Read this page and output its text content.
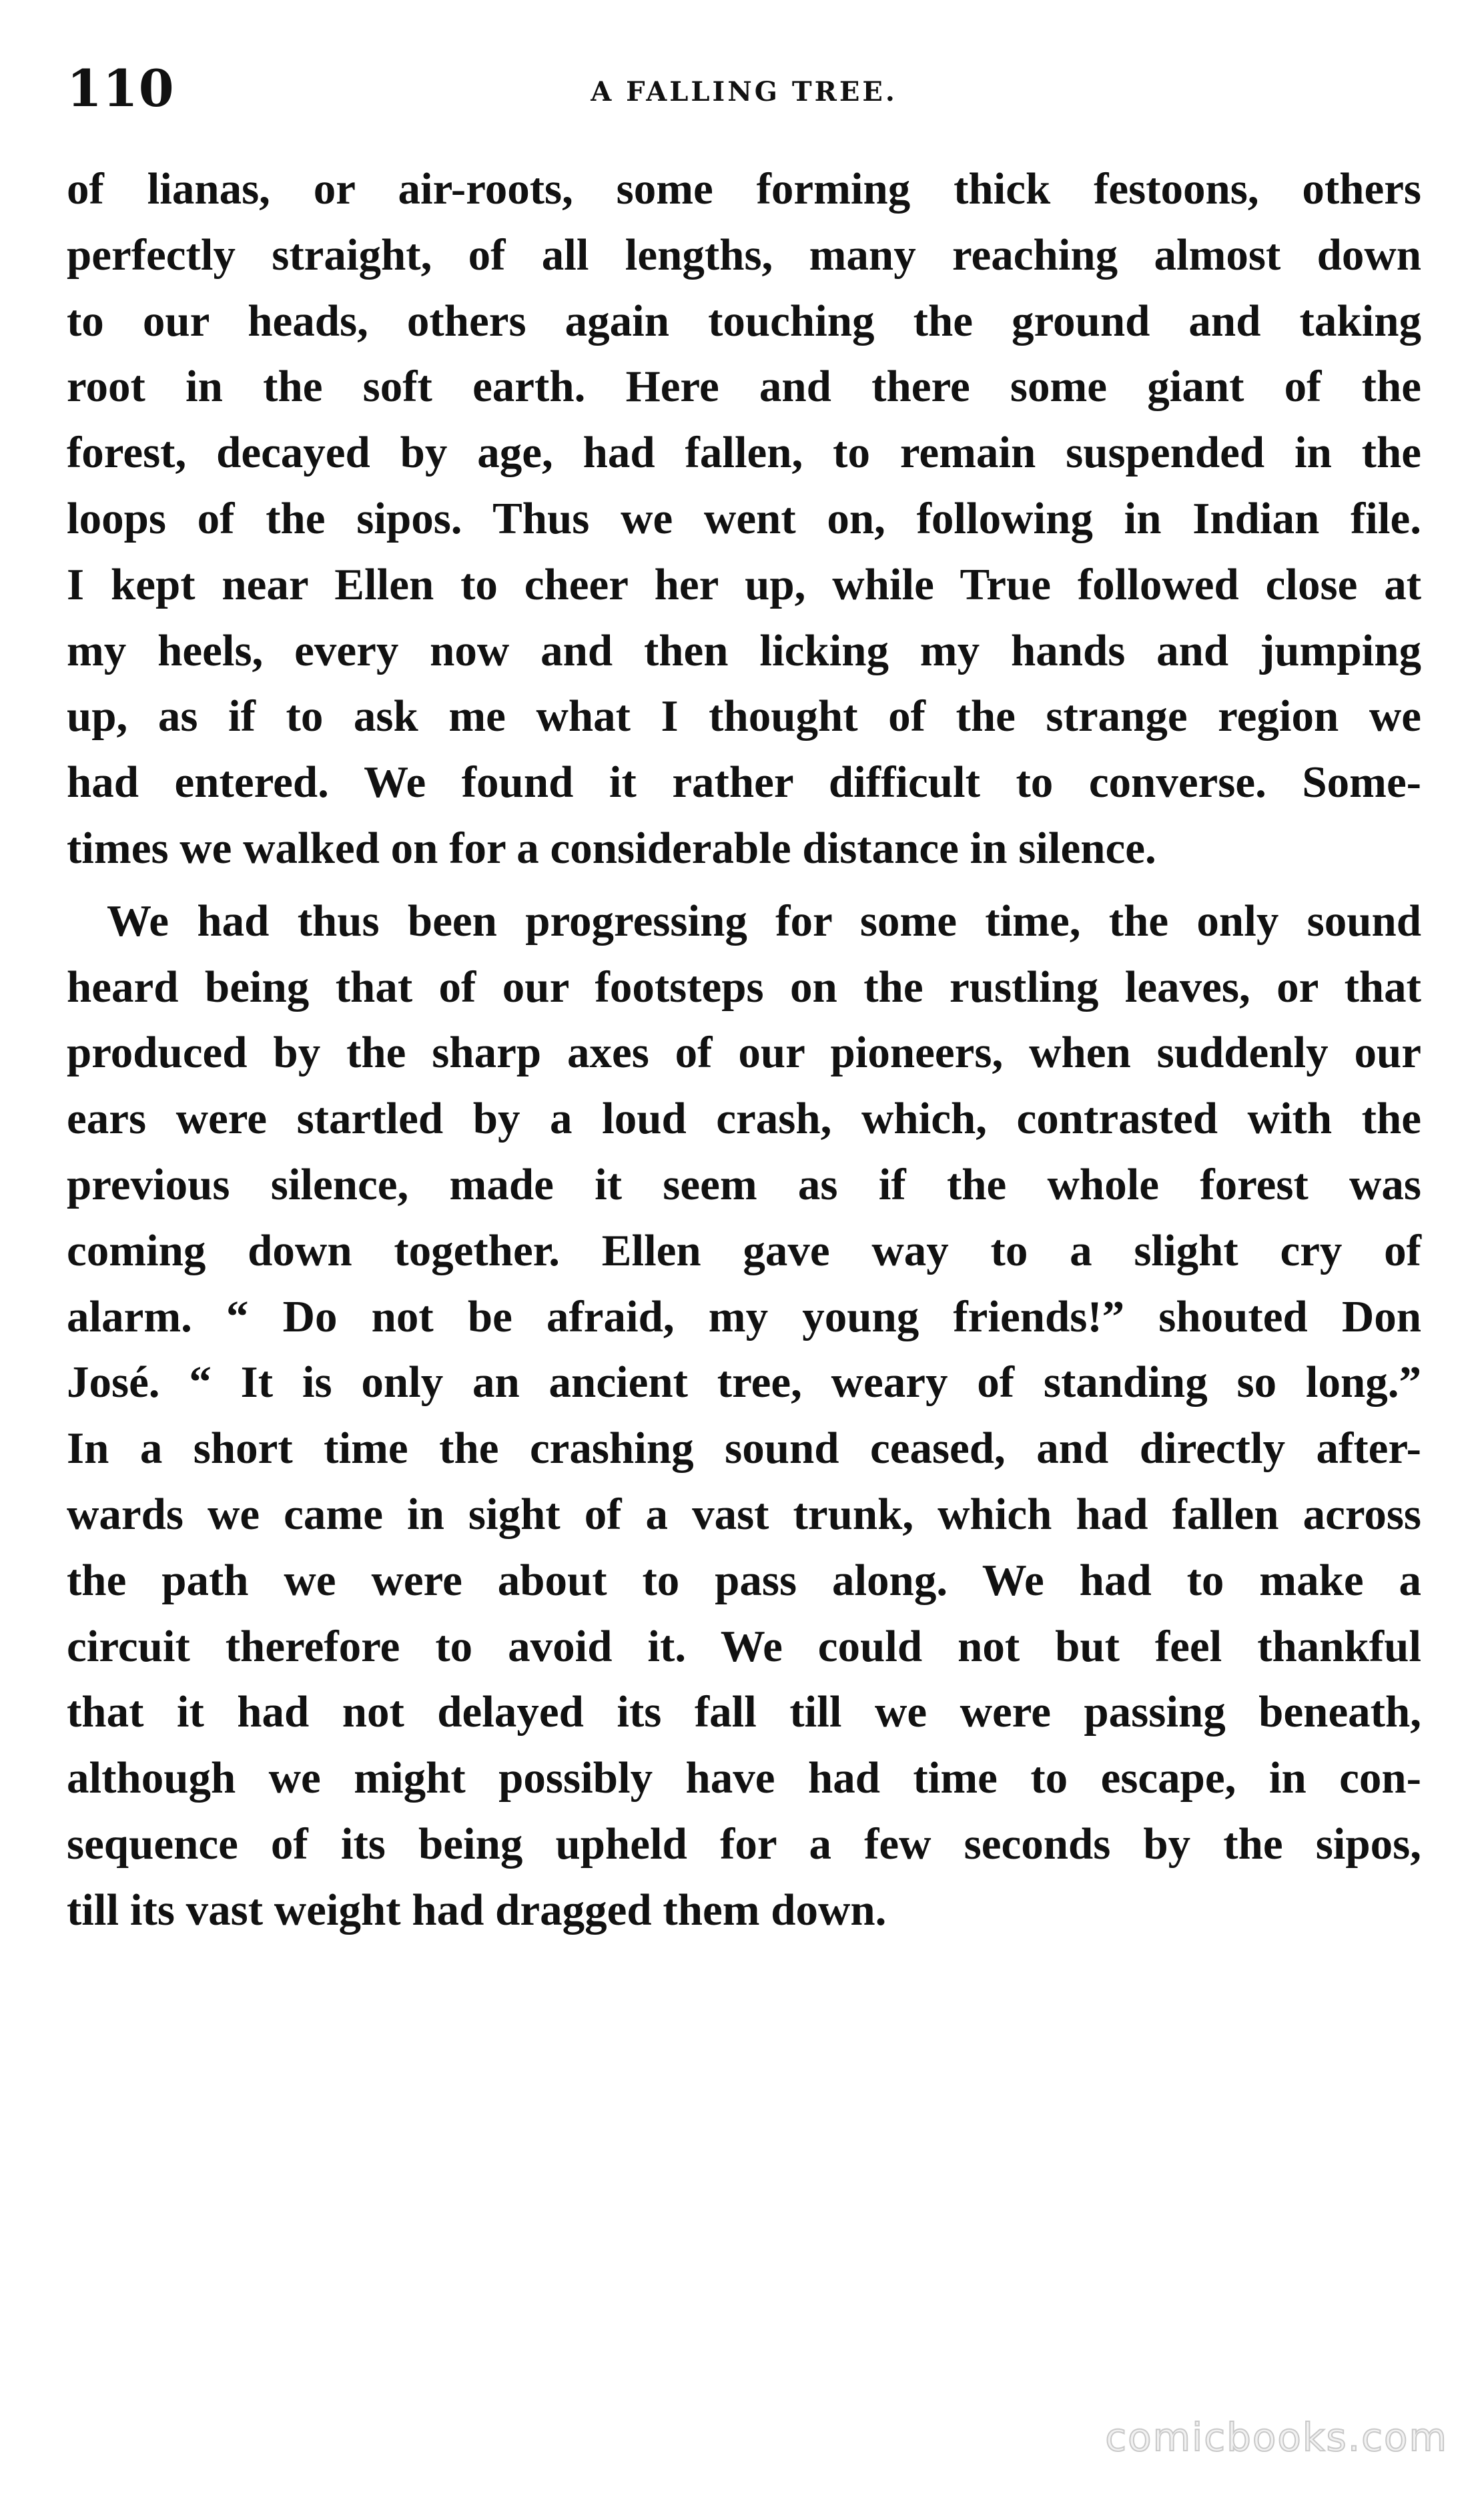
110	A FALLING TREE.
of lianas, or air-roots, some forming thick festoons, others
perfectly straight, of all lengths, many reaching almost down
to our heads, others again touching the ground and taking
root in the soft earth. Here and there some giant of the
forest, decayed by age, had fallen, to remain suspended in the
loops of the sipos. Thus we went on, following in Indian file.
I kept near Ellen to cheer her up, while True followed close at
my heels, every now and then licking my hands and jumping
up, as if to ask me what I thought of the strange region we
had entered. We found it rather difficult to converse. Some-
times we walked on for a considerable distance in silence.
We had thus been progressing for some time, the only sound
heard being that of our footsteps on the rustling leaves, or that
produced by the sharp axes of our pioneers, when suddenly our
ears were startled by a loud crash, which, contrasted with the
previous silence, made it seem as if the whole forest was
coming down together. Ellen gave way to a slight cry of
alarm. “ Do not be afraid, my young friends!” shouted Don
José. “ It is only an ancient tree, weary of standing so long.”
In a short time the crashing sound ceased, and directly after-
wards we came in sight of a vast trunk, which had fallen across
the path we were about to pass along. We had to make a
circuit therefore to avoid it. We could not but feel thankful
that it had not delayed its fall till we were passing beneath,
although we might possibly have had time to escape, in con-
sequence of its being upheld for a few seconds by the sipos,
till its vast weight had dragged them down.
comicbooks.com
